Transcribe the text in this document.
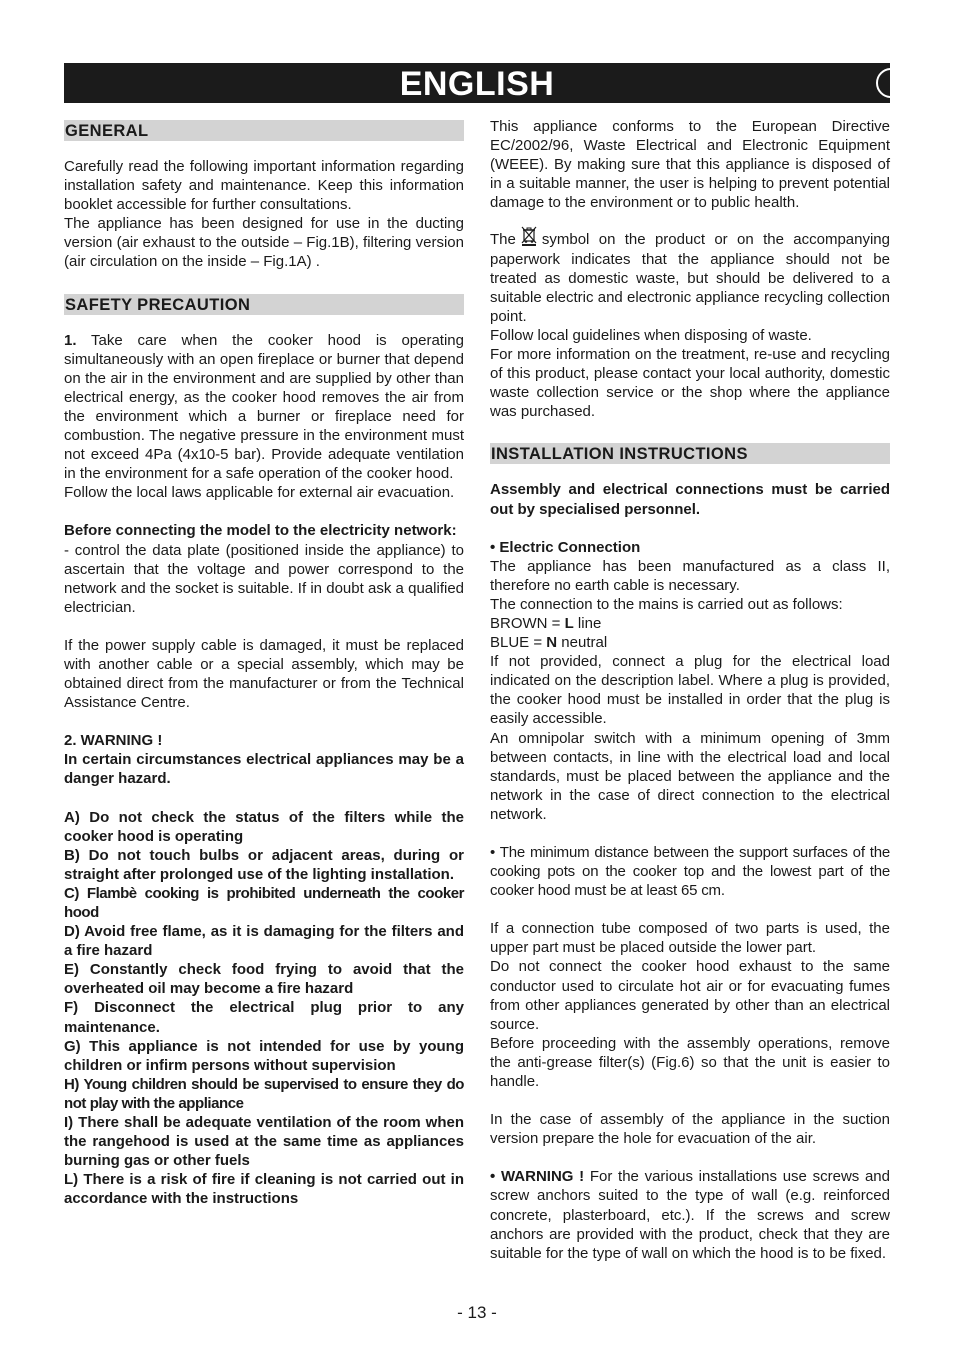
ENGLISH	GB
GENERAL

Carefully read the following important information regarding installation safety and maintenance. Keep this information booklet accessible for further consultations.

The appliance has been designed for use in the ducting version (air exhaust to the outside – Fig.1B), filtering version (air circulation on the inside – Fig.1A) .

SAFETY PRECAUTION

1. Take care when the cooker hood is operating simultaneously with an open fireplace or burner that depend on the air in the environment and are supplied by other than electrical energy, as the cooker hood removes the air from the environment which a burner or fireplace need for combustion. The negative pressure in the environment must not exceed 4Pa (4x10-5 bar). Provide adequate ventilation in the environment for a safe operation of the cooker hood.

Follow the local laws applicable for external air evacuation.

Before connecting the model to the electricity network:

- control the data plate (positioned inside the appliance) to ascertain that the voltage and power correspond to the network and the socket is suitable. If in doubt ask a qualified electrician.

If the power supply cable is damaged, it must be replaced with another cable or a special assembly, which may be obtained direct from the manufacturer or from the Technical Assistance Centre.

2. WARNING !

In certain circumstances electrical appliances may be a danger hazard.

A) Do not check the status of the filters while the cooker hood is operating

B) Do not touch bulbs or adjacent areas, during or straight after prolonged use of the lighting installation.

C) Flambè cooking is prohibited underneath the cooker hood

D) Avoid free flame, as it is damaging for the filters and a fire hazard

E) Constantly check food frying to avoid that the overheated oil may become a fire hazard

F) Disconnect the electrical plug prior to any maintenance.

G) This appliance is not intended for use by young children or infirm persons without supervision

H) Young children should be supervised to ensure they do not play with the appliance

I) There shall be adequate ventilation of the room when the rangehood is used at the same time as appliances burning gas or other fuels

L) There is a risk of fire if cleaning is not carried out in accordance with the instructions

This appliance conforms to the European Directive EC/2002/96, Waste Electrical and Electronic Equipment (WEEE). By making sure that this appliance is disposed of in a suitable manner, the user is helping to prevent potential damage to the environment or to public health.

The symbol on the product or on the accompanying paperwork indicates that the appliance should not be treated as domestic waste, but should be delivered to a suitable electric and electronic appliance recycling collection point.

Follow local guidelines when disposing of waste.

For more information on the treatment, re-use and recycling of this product, please contact your local authority, domestic waste collection service or the shop where the appliance was purchased.

INSTALLATION INSTRUCTIONS

Assembly and electrical connections must be carried out by specialised personnel.

• Electric Connection

The appliance has been manufactured as a class II, therefore no earth cable is necessary.

The connection to the mains is carried out as follows:

BROWN = L line

BLUE = N neutral

If not provided, connect a plug for the electrical load indicated on the description label. Where a plug is provided, the cooker hood must be installed in order that the plug is easily accessible.

An omnipolar switch with a minimum opening of 3mm between contacts, in line with the electrical load and local standards, must be placed between the appliance and the network in the case of direct connection to the electrical network.

• The minimum distance between the support surfaces of the cooking pots on the cooker top and the lowest part of the cooker hood must be at least 65 cm.

If a connection tube composed of two parts is used, the upper part must be placed outside the lower part.

Do not connect the cooker hood exhaust to the same conductor used to circulate hot air or for evacuating fumes from other appliances generated by other than an electrical source.

Before proceeding with the assembly operations, remove the anti-grease filter(s) (Fig.6) so that the unit is easier to handle.

In the case of assembly of the appliance in the suction version prepare the hole for evacuation of the air.

• WARNING ! For the various installations use screws and screw anchors suited to the type of wall (e.g. reinforced concrete, plasterboard, etc.). If the screws and screw anchors are provided with the product, check that they are suitable for the type of wall on which the hood is to be fixed.

- 13 -
